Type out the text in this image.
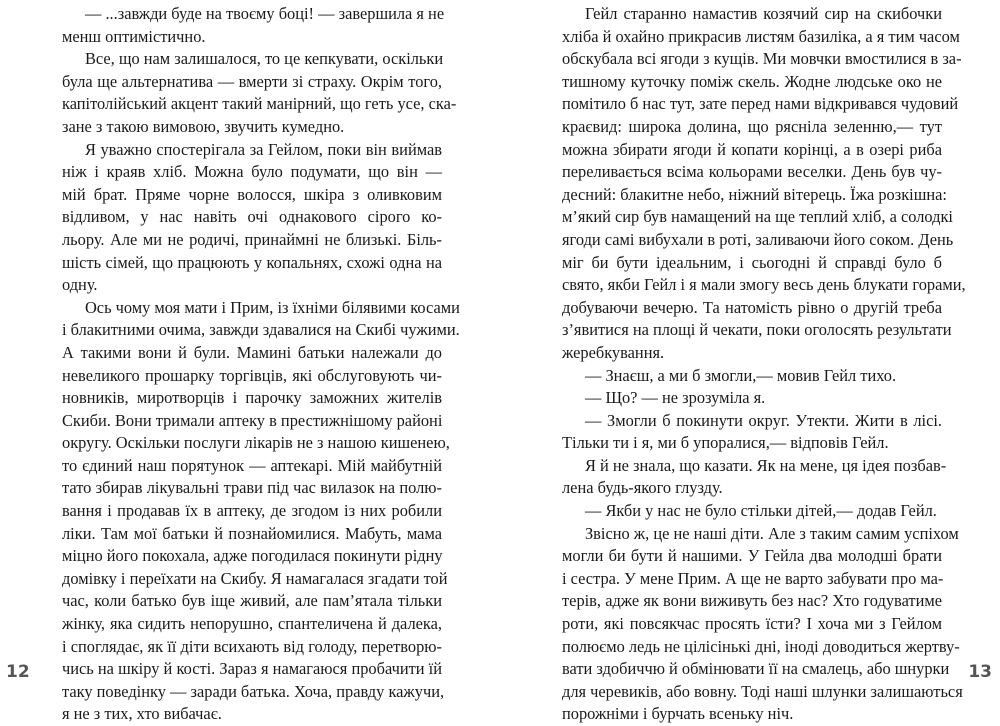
— ...завжди буде на твоєму боці! — завершила я не
менш оптимістично.
Все, що нам залишалося, то це кепкувати, оскільки
була ще альтернатива — вмерти зі страху. Окрім того,
капітолійський акцент такий манірний, що геть усе, ска-
зане з такою вимовою, звучить кумедно.
Я уважно спостерігала за Гейлом, поки він виймав
ніж і краяв хліб. Можна було подумати, що він —
мій брат. Пряме чорне волосся, шкіра з оливковим
відливом, у нас навіть очі однакового сірого ко-
льору. Але ми не родичі, принаймні не близькі. Біль-
шість сімей, що працюють у копальнях, схожі одна на
одну.
Ось чому моя мати і Прим, із їхніми білявими косами
і блакитними очима, завжди здавалися на Скибі чужими.
А такими вони й були. Мамині батьки належали до
невеликого прошарку торгівців, які обслуговують чи-
новників, миротворців і парочку заможних жителів
Скиби. Вони тримали аптеку в престижнішому районі
округу. Оскільки послуги лікарів не з нашою кишенею,
то єдиний наш порятунок — аптекарі. Мій майбутній
тато збирав лікувальні трави під час вилазок на полю-
вання і продавав їх в аптеку, де згодом із них робили
ліки. Там мої батьки й познайомилися. Мабуть, мама
міцно його покохала, адже погодилася покинути рідну
домівку і переїхати на Скибу. Я намагалася згадати той
час, коли батько був іще живий, але пам’ятала тільки
жінку, яка сидить непорушно, спантеличена й далека,
і споглядає, як її діти всихають від голоду, перетворю-
чись на шкіру й кості. Зараз я намагаюся пробачити їй
таку поведінку — заради батька. Хоча, правду кажучи,
я не з тих, хто вибачає.
12
Гейл старанно намастив козячий сир на скибочки
хліба й охайно прикрасив листям базиліка, а я тим часом
обскубала всі ягоди з кущів. Ми мовчки вмостилися в за-
тишному куточку поміж скель. Жодне людське око не
помітило б нас тут, зате перед нами відкривався чудовий
краєвид: широка долина, що рясніла зеленню,— тут
можна збирати ягоди й копати корінці, а в озері риба
переливається всіма кольорами веселки. День був чу-
десний: блакитне небо, ніжний вітерець. Їжа розкішна:
м’який сир був намащений на ще теплий хліб, а солодкі
ягоди самі вибухали в роті, заливаючи його соком. День
міг би бути ідеальним, і сьогодні й справді було б
свято, якби Гейл і я мали змогу весь день блукати горами,
добуваючи вечерю. Та натомість рівно о другій треба
з’явитися на площі й чекати, поки оголосять результати
жеребкування.
— Знаєш, а ми б змогли,— мовив Гейл тихо.
— Що? — не зрозуміла я.
— Змогли б покинути округ. Утекти. Жити в лісі.
Тільки ти і я, ми б упоралися,— відповів Гейл.
Я й не знала, що казати. Як на мене, ця ідея позбав-
лена будь-якого глузду.
— Якби у нас не було стільки дітей,— додав Гейл.
Звісно ж, це не наші діти. Але з таким самим успіхом
могли би бути й нашими. У Гейла два молодші брати
і сестра. У мене Прим. А ще не варто забувати про ма-
терів, адже як вони виживуть без нас? Хто годуватиме
роти, які повсякчас просять їсти? І хоча ми з Гейлом
полюємо ледь не цілісінькі дні, іноді доводиться жертву-
вати здобиччю й обмінювати її на смалець, або шнурки
для черевиків, або вовну. Тоді наші шлунки залишаються
порожніми і бурчать всеньку ніч.
13
